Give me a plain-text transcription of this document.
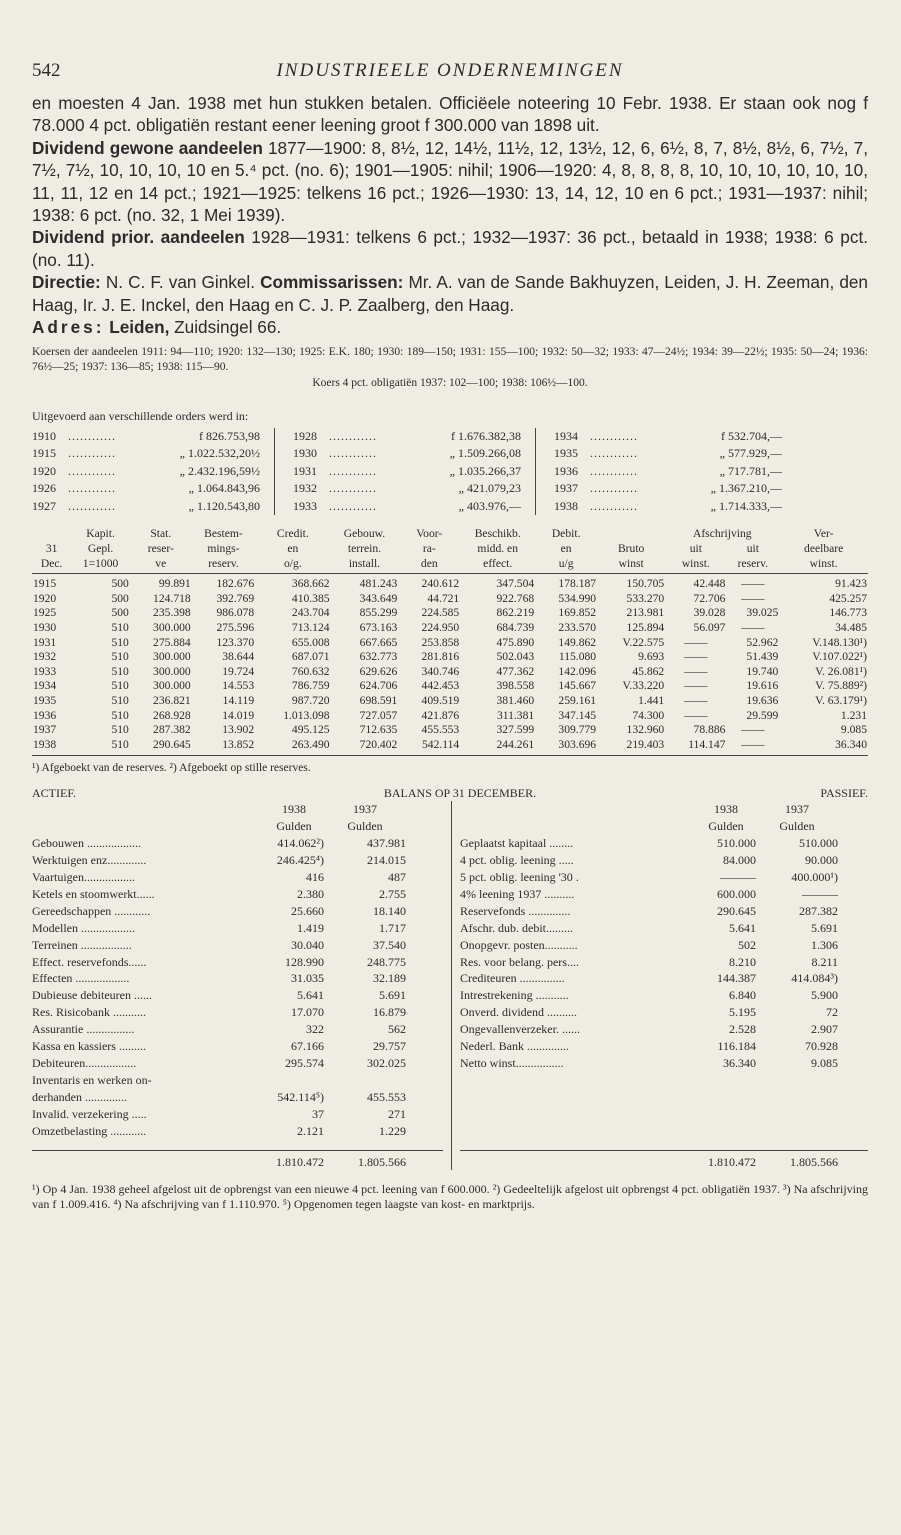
542	INDUSTRIEELE ONDERNEMINGEN

en moesten 4 Jan. 1938 met hun stukken betalen. Officiëele noteering 10 Febr. 1938. Er staan ook nog f 78.000 4 pct. obligatiën restant eener leening groot f 300.000 van 1898 uit.

Dividend gewone aandeelen 1877—1900: 8, 8½, 12, 14½, 11½, 12, 13½, 12, 6, 6½, 8, 7, 8½, 8½, 6, 7½, 7, 7½, 7½, 10, 10, 10, 10 en 5.⁴ pct. (no. 6); 1901—1905: nihil; 1906—1920: 4, 8, 8, 8, 8, 10, 10, 10, 10, 10, 10, 11, 11, 12 en 14 pct.; 1921—1925: telkens 16 pct.; 1926—1930: 13, 14, 12, 10 en 6 pct.; 1931—1937: nihil; 1938: 6 pct. (no. 32, 1 Mei 1939).

Dividend prior. aandeelen 1928—1931: telkens 6 pct.; 1932—1937: 36 pct., betaald in 1938; 1938: 6 pct. (no. 11).

Directie: N. C. F. van Ginkel. Commissarissen: Mr. A. van de Sande Bakhuyzen, Leiden, J. H. Zeeman, den Haag, Ir. J. E. Inckel, den Haag en C. J. P. Zaalberg, den Haag.

Adres: Leiden, Zuidsingel 66.

Koersen der aandeelen 1911: 94—110; 1920: 132—130; 1925: E.K. 180; 1930: 189—150; 1931: 155—100; 1932: 50—32; 1933: 47—24½; 1934: 39—22½; 1935: 50—24; 1936: 76½—25; 1937: 136—85; 1938: 115—90.
Koers 4 pct. obligatiën 1937: 102—100; 1938: 106½—100.
Uitgevoerd aan verschillende orders werd in:
1910	............	f 826.753,98
1915	............	„ 1.022.532,20½
1920	............	„ 2.432.196,59½
1926	............	„ 1.064.843,96
1927	............	„ 1.120.543,80
1928	............	f 1.676.382,38
1930	............	„ 1.509.266,08
1931	............	„ 1.035.266,37
1932	............	„ 421.079,23
1933	............	„ 403.976,—
1934	............	f 532.704,—
1935	............	„ 577.929,—
1936	............	„ 717.781,—
1937	............	„ 1.367.210,—
1938	............	„ 1.714.333,—
	Kapit.	Stat.	Bestem-	Credit.	Gebouw.	Voor-	Beschikb.	Debit.		Afschrijving		Ver-
31	Gepl.	reser-	mings-	en	terrein.	ra-	midd. en	en	Bruto	uit	uit	deelbare
Dec.	1=1000	ve	reserv.	o/g.	install.	den	effect.	u/g	winst	winst.	reserv.	winst.
1915	500	99.891	182.676	368.662	481.243	240.612	347.504	178.187	150.705	42.448	——	91.423
1920	500	124.718	392.769	410.385	343.649	44.721	922.768	534.990	533.270	72.706	——	425.257
1925	500	235.398	986.078	243.704	855.299	224.585	862.219	169.852	213.981	39.028	39.025	146.773
1930	510	300.000	275.596	713.124	673.163	224.950	684.739	233.570	125.894	56.097	——	34.485
1931	510	275.884	123.370	655.008	667.665	253.858	475.890	149.862	V.22.575	——	52.962	V.148.130¹)
1932	510	300.000	38.644	687.071	632.773	281.816	502.043	115.080	9.693	——	51.439	V.107.022¹)
1933	510	300.000	19.724	760.632	629.626	340.746	477.362	142.096	45.862	——	19.740	V. 26.081¹)
1934	510	300.000	14.553	786.759	624.706	442.453	398.558	145.667	V.33.220	——	19.616	V. 75.889²)
1935	510	236.821	14.119	987.720	698.591	409.519	381.460	259.161	1.441	——	19.636	V. 63.179¹)
1936	510	268.928	14.019	1.013.098	727.057	421.876	311.381	347.145	74.300	——	29.599	1.231
1937	510	287.382	13.902	495.125	712.635	455.553	327.599	309.779	132.960	78.886	——	9.085
1938	510	290.645	13.852	263.490	720.402	542.114	244.261	303.696	219.403	114.147	——	36.340
¹) Afgeboekt van de reserves. ²) Afgeboekt op stille reserves.
ACTIEF.	BALANS OP 31 DECEMBER.	PASSIEF.
1938	1937
Gulden	Gulden
Gebouwen ..................	414.062²)	437.981
Werktuigen enz.............	246.425⁴)	214.015
Vaartuigen.................	416	487
Ketels en stoomwerkt......	2.380	2.755
Gereedschappen ............	25.660	18.140
Modellen ..................	1.419	1.717
Terreinen .................	30.040	37.540
Effect. reservefonds......	128.990	248.775
Effecten ..................	31.035	32.189
Dubieuse debiteuren ......	5.641	5.691
Res. Risicobank ...........	17.070	16.879
Assurantie ................	322	562
Kassa en kassiers .........	67.166	29.757
Debiteuren.................	295.574	302.025
Inventaris en werken on-
derhanden ..............	542.114⁵)	455.553
Invalid. verzekering .....	37	271
Omzetbelasting ............	2.121	1.229
1938	1937
Gulden	Gulden
Geplaatst kapitaal ........	510.000	510.000
4 pct. oblig. leening .....	84.000	90.000
5 pct. oblig. leening '30 .	———	400.000¹)
4% leening 1937 ..........	600.000	———
Reservefonds ..............	290.645	287.382
Afschr. dub. debit.........	5.641	5.691
Onopgevr. posten...........	502	1.306
Res. voor belang. pers....	8.210	8.211
Crediteuren ...............	144.387	414.084³)
Intrestrekening ...........	6.840	5.900
Onverd. dividend ..........	5.195	72
Ongevallenverzeker. ......	2.528	2.907
Nederl. Bank ..............	116.184	70.928
Netto winst................	36.340	9.085
1.810.472	1.805.566	1.810.472	1.805.566
¹) Op 4 Jan. 1938 geheel afgelost uit de opbrengst van een nieuwe 4 pct. leening van f 600.000. ²) Gedeeltelijk afgelost uit opbrengst 4 pct. obligatiën 1937. ³) Na afschrijving van f 1.009.416. ⁴) Na afschrijving van f 1.110.970. ⁵) Opgenomen tegen laagste van kost- en marktprijs.
